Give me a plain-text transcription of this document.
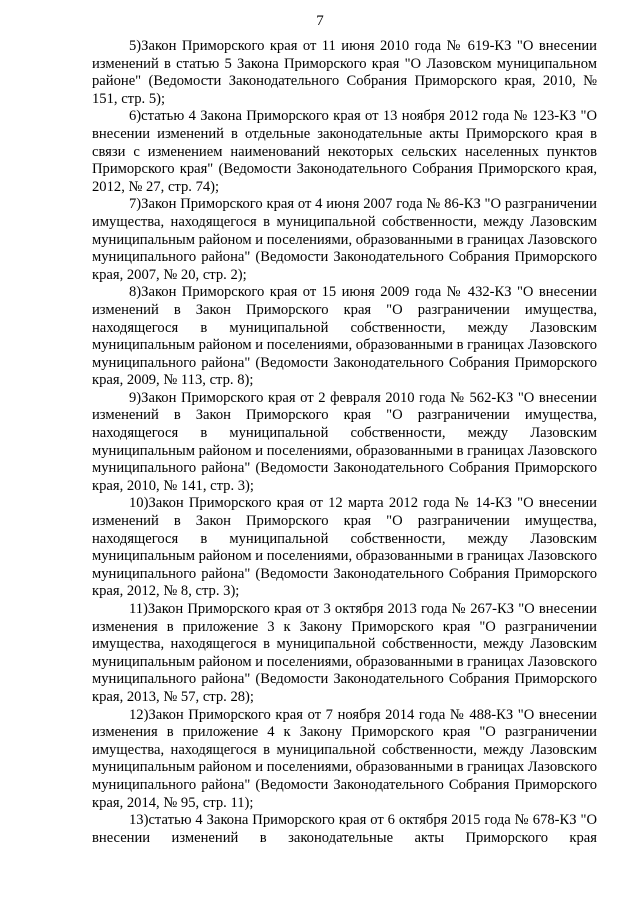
7

5)Закон Приморского края от 11 июня 2010 года № 619-КЗ "О внесении изменений в статью 5 Закона Приморского края "О Лазовском муниципальном районе" (Ведомости Законодательного Собрания Приморского края, 2010, № 151, стр. 5);

6)статью 4 Закона Приморского края от 13 ноября 2012 года № 123-КЗ "О внесении изменений в отдельные законодательные акты Приморского края в связи с изменением наименований некоторых сельских населенных пунктов Приморского края" (Ведомости Законодательного Собрания Приморского края, 2012, № 27, стр. 74);

7)Закон Приморского края от 4 июня 2007 года № 86-КЗ "О разграничении имущества, находящегося в муниципальной собственности, между Лазовским муниципальным районом и поселениями, образованными в границах Лазовского муниципального района" (Ведомости Законодательного Собрания Приморского края, 2007, № 20, стр. 2);

8)Закон Приморского края от 15 июня 2009 года № 432-КЗ "О внесении изменений в Закон Приморского края "О разграничении имущества, находящегося в муниципальной собственности, между Лазовским муниципальным районом и поселениями, образованными в границах Лазовского муниципального района" (Ведомости Законодательного Собрания Приморского края, 2009, № 113, стр. 8);

9)Закон Приморского края от 2 февраля 2010 года № 562-КЗ "О внесении изменений в Закон Приморского края "О разграничении имущества, находящегося в муниципальной собственности, между Лазовским муниципальным районом и поселениями, образованными в границах Лазовского муниципального района" (Ведомости Законодательного Собрания Приморского края, 2010, № 141, стр. 3);

10)Закон Приморского края от 12 марта 2012 года № 14-КЗ "О внесении изменений в Закон Приморского края "О разграничении имущества, находящегося в муниципальной собственности, между Лазовским муниципальным районом и поселениями, образованными в границах Лазовского муниципального района" (Ведомости Законодательного Собрания Приморского края, 2012, № 8, стр. 3);

11)Закон Приморского края от 3 октября 2013 года № 267-КЗ "О внесении изменения в приложение 3 к Закону Приморского края "О разграничении имущества, находящегося в муниципальной собственности, между Лазовским муниципальным районом и поселениями, образованными в границах Лазовского муниципального района" (Ведомости Законодательного Собрания Приморского края, 2013, № 57, стр. 28);

12)Закон Приморского края от 7 ноября 2014 года № 488-КЗ "О внесении изменения в приложение 4 к Закону Приморского края "О разграничении имущества, находящегося в муниципальной собственности, между Лазовским муниципальным районом и поселениями, образованными в границах Лазовского муниципального района" (Ведомости Законодательного Собрания Приморского края, 2014, № 95, стр. 11);

13)статью 4 Закона Приморского края от 6 октября 2015 года № 678-КЗ "О внесении изменений в законодательные акты Приморского края
